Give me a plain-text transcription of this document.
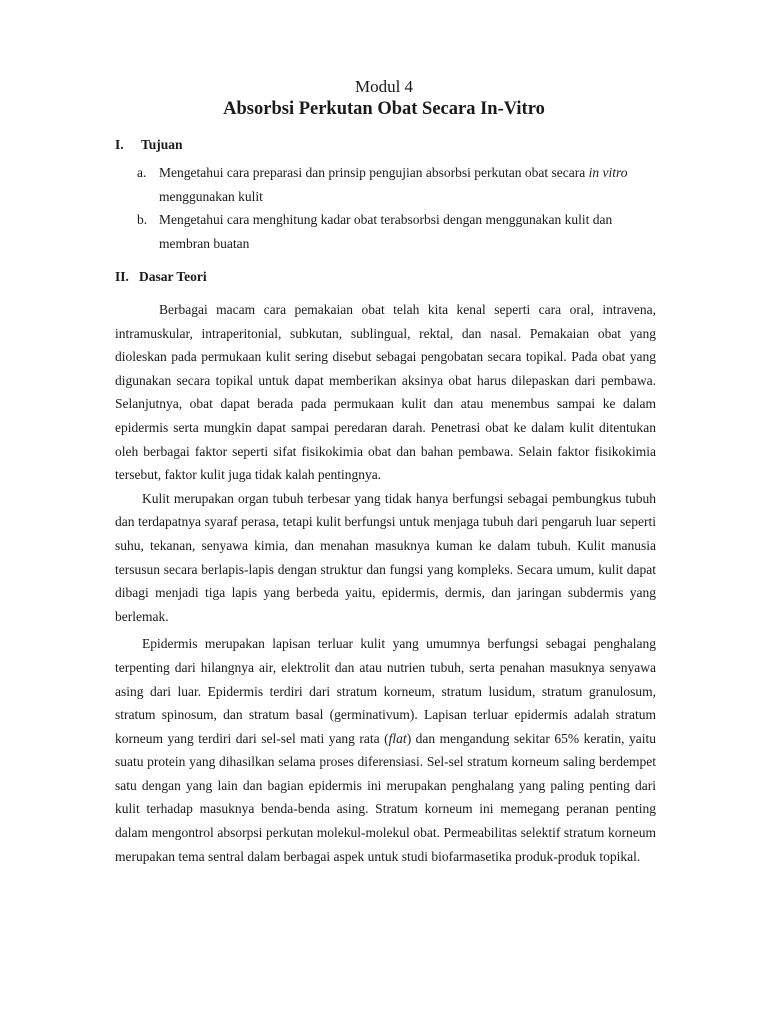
Modul 4
Absorbsi Perkutan Obat Secara In-Vitro
I. Tujuan
a. Mengetahui cara preparasi dan prinsip pengujian absorbsi perkutan obat secara in vitro menggunakan kulit
b. Mengetahui cara menghitung kadar obat terabsorbsi dengan menggunakan kulit dan membran buatan
II. Dasar Teori

Berbagai macam cara pemakaian obat telah kita kenal seperti cara oral, intravena, intramuskular, intraperitonial, subkutan, sublingual, rektal, dan nasal. Pemakaian obat yang dioleskan pada permukaan kulit sering disebut sebagai pengobatan secara topikal. Pada obat yang digunakan secara topikal untuk dapat memberikan aksinya obat harus dilepaskan dari pembawa. Selanjutnya, obat dapat berada pada permukaan kulit dan atau menembus sampai ke dalam epidermis serta mungkin dapat sampai peredaran darah. Penetrasi obat ke dalam kulit ditentukan oleh berbagai faktor seperti sifat fisikokimia obat dan bahan pembawa. Selain faktor fisikokimia tersebut, faktor kulit juga tidak kalah pentingnya.

Kulit merupakan organ tubuh terbesar yang tidak hanya berfungsi sebagai pembungkus tubuh dan terdapatnya syaraf perasa, tetapi kulit berfungsi untuk menjaga tubuh dari pengaruh luar seperti suhu, tekanan, senyawa kimia, dan menahan masuknya kuman ke dalam tubuh. Kulit manusia tersusun secara berlapis-lapis dengan struktur dan fungsi yang kompleks. Secara umum, kulit dapat dibagi menjadi tiga lapis yang berbeda yaitu, epidermis, dermis, dan jaringan subdermis yang berlemak.

Epidermis merupakan lapisan terluar kulit yang umumnya berfungsi sebagai penghalang terpenting dari hilangnya air, elektrolit dan atau nutrien tubuh, serta penahan masuknya senyawa asing dari luar. Epidermis terdiri dari stratum korneum, stratum lusidum, stratum granulosum, stratum spinosum, dan stratum basal (germinativum). Lapisan terluar epidermis adalah stratum korneum yang terdiri dari sel-sel mati yang rata (flat) dan mengandung sekitar 65% keratin, yaitu suatu protein yang dihasilkan selama proses diferensiasi. Sel-sel stratum korneum saling berdempet satu dengan yang lain dan bagian epidermis ini merupakan penghalang yang paling penting dari kulit terhadap masuknya benda-benda asing. Stratum korneum ini memegang peranan penting dalam mengontrol absorpsi perkutan molekul-molekul obat. Permeabilitas selektif stratum korneum merupakan tema sentral dalam berbagai aspek untuk studi biofarmasetika produk-produk topikal.
